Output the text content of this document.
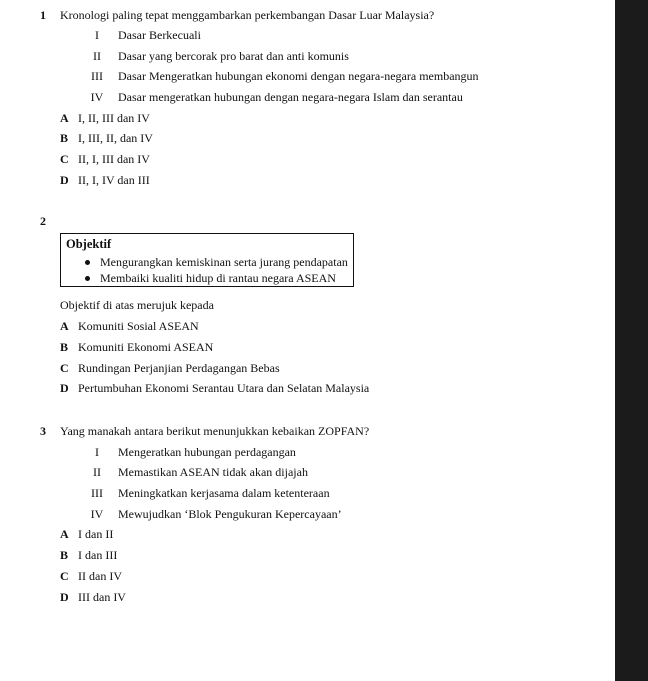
1 Kronologi paling tepat menggambarkan perkembangan Dasar Luar Malaysia?
I	Dasar Berkecuali
II	Dasar yang bercorak pro barat dan anti komunis
III	Dasar Mengeratkan hubungan ekonomi dengan negara-negara membangun
IV	Dasar mengeratkan hubungan dengan negara-negara Islam dan serantau
A I, II, III dan IV
B I, III, II, dan IV
C II, I, III dan IV
D II, I, IV dan III
2
Objektif
Mengurangkan kemiskinan serta jurang pendapatan
Membaiki kualiti hidup di rantau negara ASEAN
Objektif di atas merujuk kepada
A Komuniti Sosial ASEAN
B Komuniti Ekonomi ASEAN
C Rundingan Perjanjian Perdagangan Bebas
D Pertumbuhan Ekonomi Serantau Utara dan Selatan Malaysia
3 Yang manakah antara berikut menunjukkan kebaikan ZOPFAN?
I	Mengeratkan hubungan perdagangan
II	Memastikan ASEAN tidak akan dijajah
III	Meningkatkan kerjasama dalam ketenteraan
IV	Mewujudkan ‘Blok Pengukuran Kepercayaan’
A I dan II
B I dan III
C II dan IV
D III dan IV
